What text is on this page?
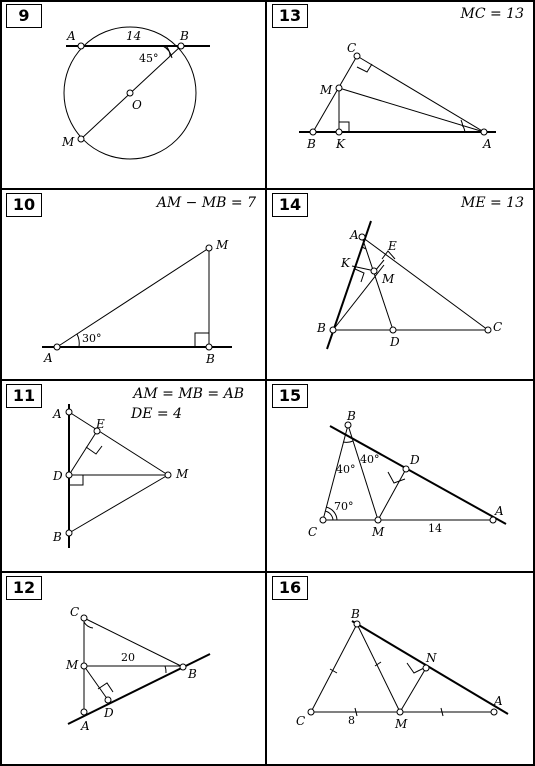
9
A	B
14
45°
O
M
13	MC = 13
C
M
B K	A
10	AM − MB = 7
M
A	B
30°
14	ME = 13
A
E
K
M
B
D
C
11	AM = MB = AB
DE = 4
A
E
D	M
B
15
B
D
C	M
A
40°
40°
70°
14
12
C
M
20
B
D
A
16
B
N
C	8	M
A
